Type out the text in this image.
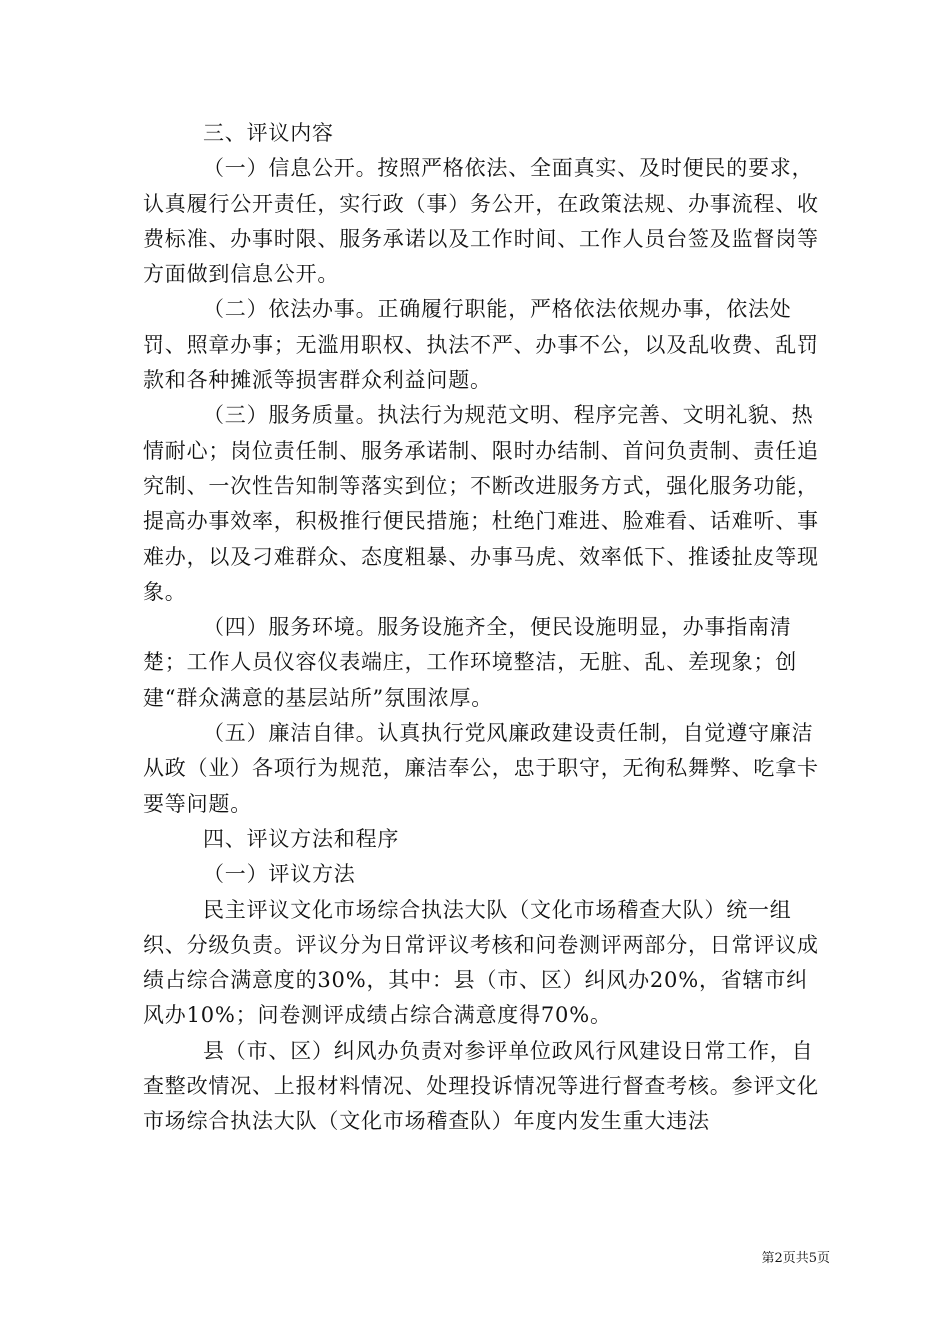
三、评议内容

（一）信息公开。按照严格依法、全面真实、及时便民的要求，认真履行公开责任，实行政（事）务公开，在政策法规、办事流程、收费标准、办事时限、服务承诺以及工作时间、工作人员台签及监督岗等方面做到信息公开。

（二）依法办事。正确履行职能，严格依法依规办事，依法处罚、照章办事；无滥用职权、执法不严、办事不公，以及乱收费、乱罚款和各种摊派等损害群众利益问题。

（三）服务质量。执法行为规范文明、程序完善、文明礼貌、热情耐心；岗位责任制、服务承诺制、限时办结制、首问负责制、责任追究制、一次性告知制等落实到位；不断改进服务方式，强化服务功能，提高办事效率，积极推行便民措施；杜绝门难进、脸难看、话难听、事难办，以及刁难群众、态度粗暴、办事马虎、效率低下、推诿扯皮等现象。

（四）服务环境。服务设施齐全，便民设施明显，办事指南清楚；工作人员仪容仪表端庄，工作环境整洁，无脏、乱、差现象；创建“群众满意的基层站所”氛围浓厚。

（五）廉洁自律。认真执行党风廉政建设责任制，自觉遵守廉洁从政（业）各项行为规范，廉洁奉公，忠于职守，无徇私舞弊、吃拿卡要等问题。

四、评议方法和程序

（一）评议方法

民主评议文化市场综合执法大队（文化市场稽查大队）统一组织、分级负责。评议分为日常评议考核和问卷测评两部分，日常评议成绩占综合满意度的30%，其中：县（市、区）纠风办20%，省辖市纠风办10%；问卷测评成绩占综合满意度得70%。

县（市、区）纠风办负责对参评单位政风行风建设日常工作，自查整改情况、上报材料情况、处理投诉情况等进行督查考核。参评文化市场综合执法大队（文化市场稽查队）年度内发生重大违法

第2页共5页
